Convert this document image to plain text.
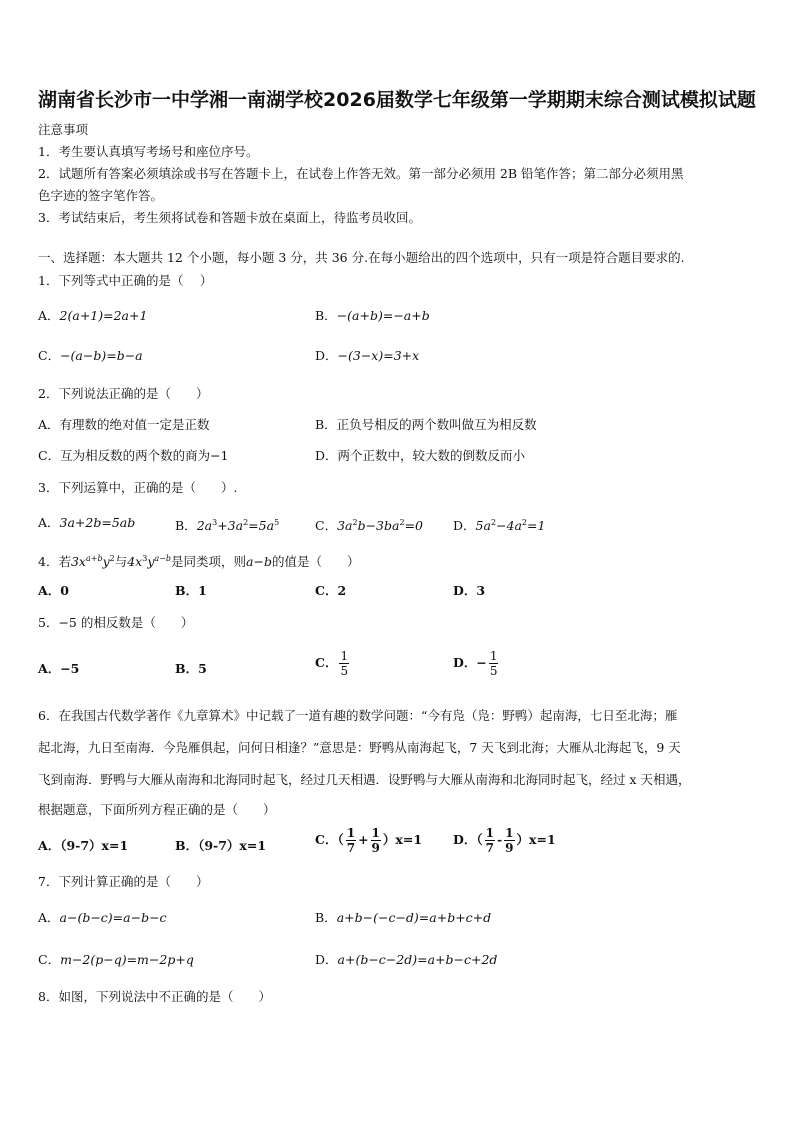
湖南省长沙市一中学湘一南湖学校2026届数学七年级第一学期期末综合测试模拟试题
注意事项
1．考生要认真填写考场号和座位序号。
2．试题所有答案必须填涂或书写在答题卡上，在试卷上作答无效。第一部分必须用 2B 铅笔作答；第二部分必须用黑
色字迹的签字笔作答。
3．考试结束后，考生须将试卷和答题卡放在桌面上，待监考员收回。
一、选择题：本大题共 12 个小题，每小题 3 分，共 36 分.在每小题给出的四个选项中，只有一项是符合题目要求的.
1．下列等式中正确的是（　 ）
A．2(a+1)=2a+1	B．−(a+b)=−a+b
C．−(a−b)=b−a	D．−(3−x)=3+x
2．下列说法正确的是（　　）
A．有理数的绝对值一定是正数	B．正负号相反的两个数叫做互为相反数
C．互为相反数的两个数的商为−1	D．两个正数中，较大数的倒数反而小
3．下列运算中，正确的是（　　）.
A．3a+2b=5ab	B．$2a^3+3a^2=5a^5$	C．$3a^2b-3ba^2=0$ D．$5a^2-4a^2=1$
4．若$3x^{a+b}y^2$与$4x^3y^{a-b}$是同类项，则a−b的值是（　　）
A．0	B．1	C．2	D．3
5．−5 的相反数是（　　）
A．−5	B．5	C． $\frac{1}{5}$	D．− $\frac{1}{5}$
6．在我国古代数学著作《九章算术》中记载了一道有趣的数学问题：“今有凫（凫：野鸭）起南海，七日至北海；雁
起北海，九日至南海．今凫雁俱起，问何日相逢？”意思是：野鸭从南海起飞，7 天飞到北海；大雁从北海起飞，9 天
飞到南海．野鸭与大雁从南海和北海同时起飞，经过几天相遇．设野鸭与大雁从南海和北海同时起飞，经过 x 天相遇，
根据题意，下面所列方程正确的是（　　）
A．（9-7）x=1	B．（9-7）x=1	C．（ $\frac{1}{7} + \frac{1}{9} )x=1$ D．（ $\frac{1}{7} - \frac{1}{9} )x=1$
7．下列计算正确的是（　　）
A．a−(b−c)=a−b−c	B．a+b−(−c−d)=a+b+c+d
C．m−2(p−q)=m−2p+q	D．a+(b−c−2d)=a+b−c+2d
8．如图，下列说法中不正确的是（　　）
